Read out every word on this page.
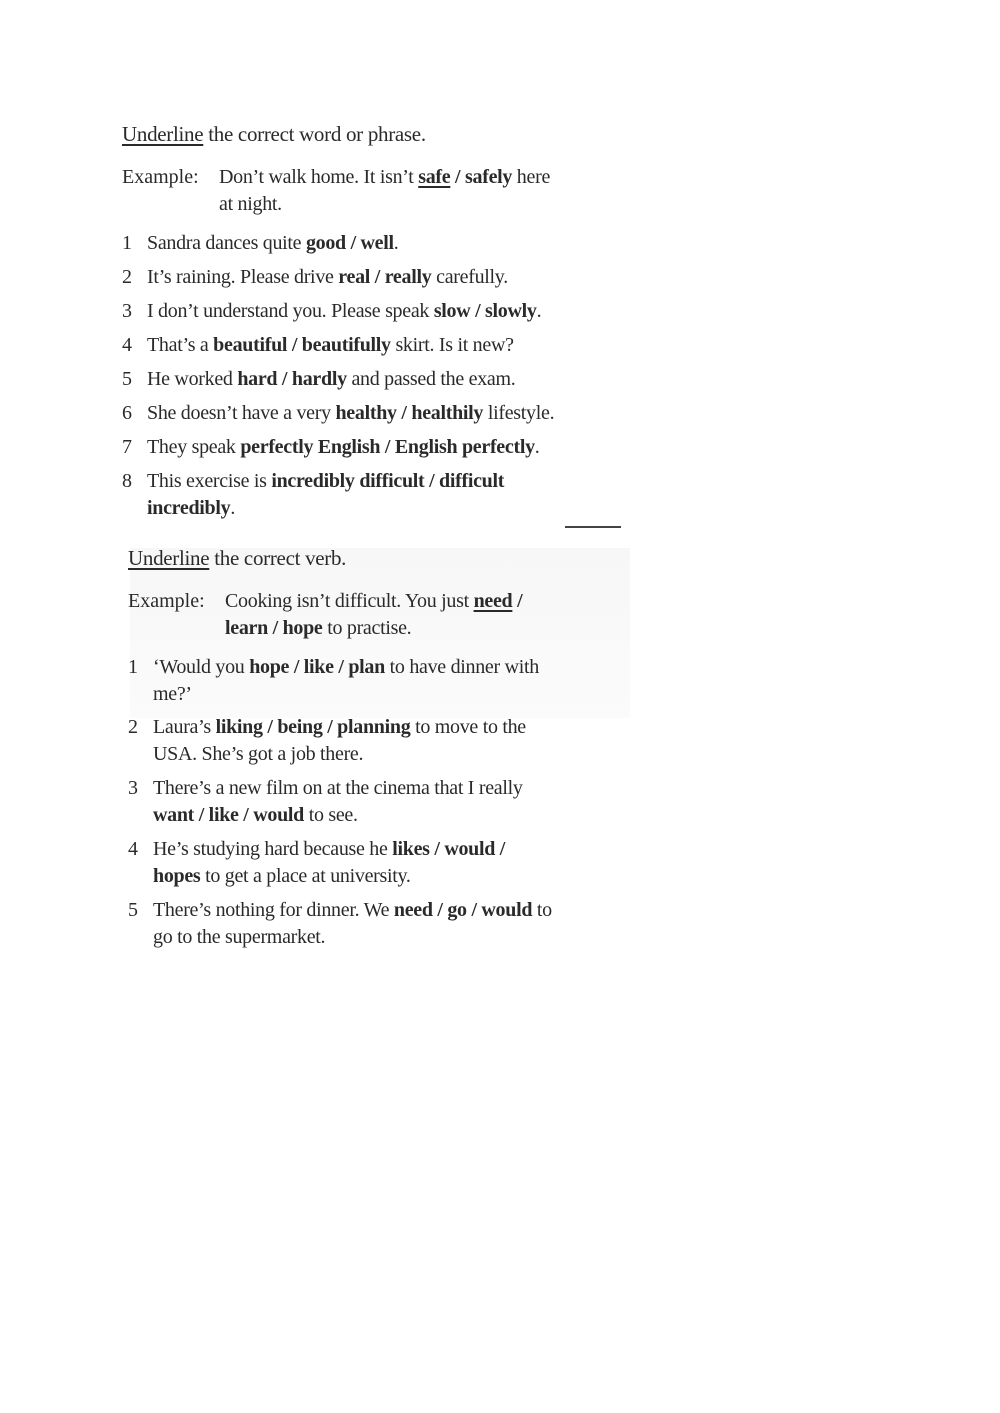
Underline the correct word or phrase.
Example: Don’t walk home. It isn’t safe / safely here
at night.
1 Sandra dances quite good / well.
2 It’s raining. Please drive real / really carefully.
3 I don’t understand you. Please speak slow / slowly.
4 That’s a beautiful / beautifully skirt. Is it new?
5 He worked hard / hardly and passed the exam.
6 She doesn’t have a very healthy / healthily lifestyle.
7 They speak perfectly English / English perfectly.
8 This exercise is incredibly difficult / difficult
incredibly.
Underline the correct verb.
Example: Cooking isn’t difficult. You just need /
learn / hope to practise.
1 ‘Would you hope / like / plan to have dinner with
me?’
2 Laura’s liking / being / planning to move to the
USA. She’s got a job there.
3 There’s a new film on at the cinema that I really
want / like / would to see.
4 He’s studying hard because he likes / would /
hopes to get a place at university.
5 There’s nothing for dinner. We need / go / would to
go to the supermarket.
